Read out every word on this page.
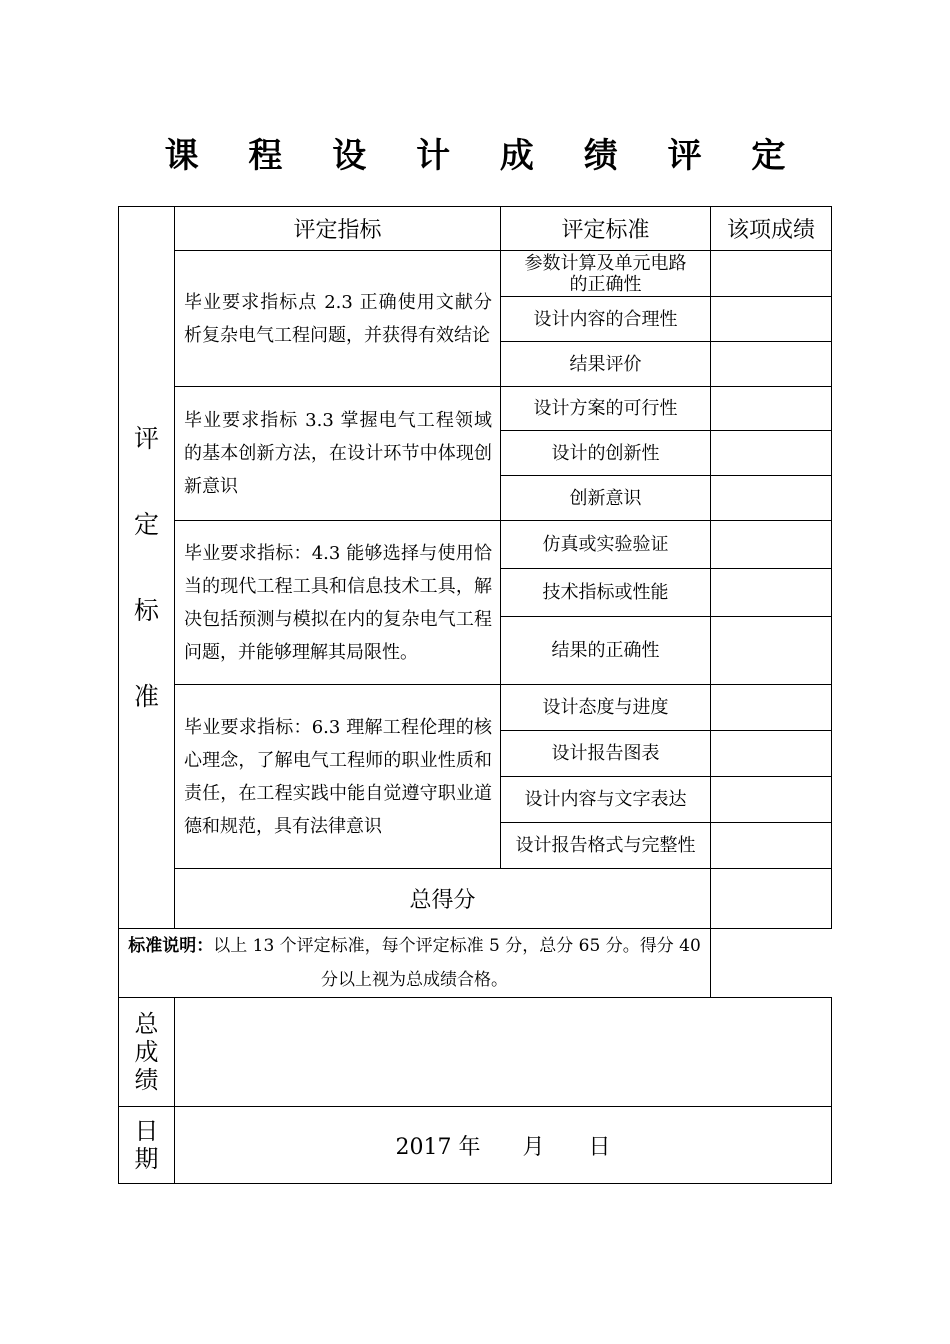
课 程 设 计 成 绩 评 定
评
定
标
准	评定指标	评定标准	该项成绩
	毕业要求指标点 2.3 正确使用文献分析复杂电气工程问题，并获得有效结论	参数计算及单元电路的正确性	
		设计内容的合理性	
		结果评价	
	毕业要求指标 3.3 掌握电气工程领域的基本创新方法，在设计环节中体现创新意识	设计方案的可行性	
		设计的创新性	
		创新意识	
	毕业要求指标：4.3 能够选择与使用恰当的现代工程工具和信息技术工具，解决包括预测与模拟在内的复杂电气工程问题，并能够理解其局限性。	仿真或实验验证	
		技术指标或性能	
		结果的正确性	
	毕业要求指标：6.3 理解工程伦理的核心理念，了解电气工程师的职业性质和责任，在工程实践中能自觉遵守职业道德和规范，具有法律意识	设计态度与进度	
		设计报告图表	
		设计内容与文字表达	
		设计报告格式与完整性	
	总得分		
标准说明：以上 13 个评定标准，每个评定标准 5 分，总分 65 分。得分 40 分以上视为总成绩合格。			

总
成
绩			

日
期	2017 年 月 日		
